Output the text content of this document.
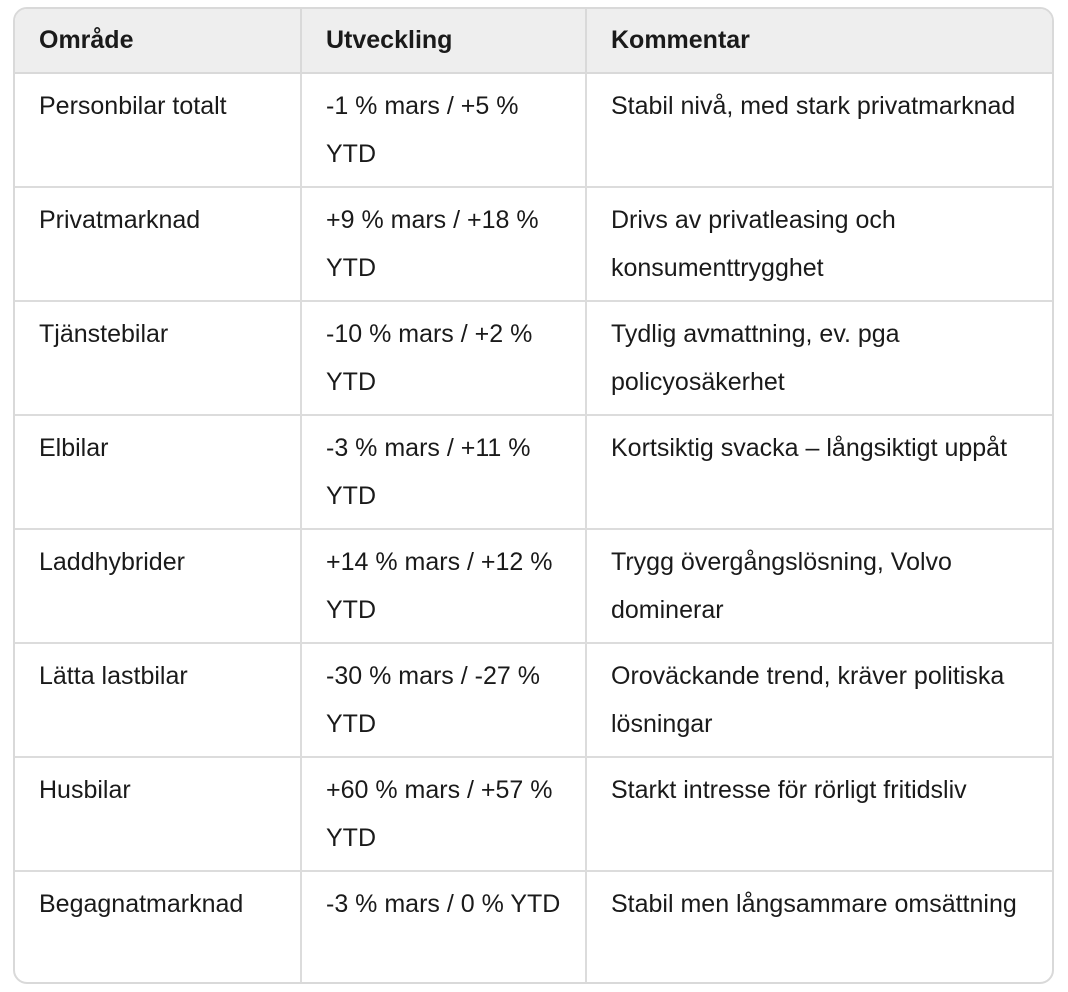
Område	Utveckling	Kommentar
Personbilar totalt	-1 % mars / +5 % YTD	Stabil nivå, med stark privatmarknad
Privatmarknad	+9 % mars / +18 % YTD	Drivs av privatleasing och konsumenttrygghet
Tjänstebilar	-10 % mars / +2 % YTD	Tydlig avmattning, ev. pga policyosäkerhet
Elbilar	-3 % mars / +11 % YTD	Kortsiktig svacka – långsiktigt uppåt
Laddhybrider	+14 % mars / +12 % YTD	Trygg övergångslösning, Volvo dominerar
Lätta lastbilar	-30 % mars / -27 % YTD	Oroväckande trend, kräver politiska lösningar
Husbilar	+60 % mars / +57 % YTD	Starkt intresse för rörligt fritidsliv
Begagnatmarknad	-3 % mars / 0 % YTD	Stabil men långsammare omsättning
